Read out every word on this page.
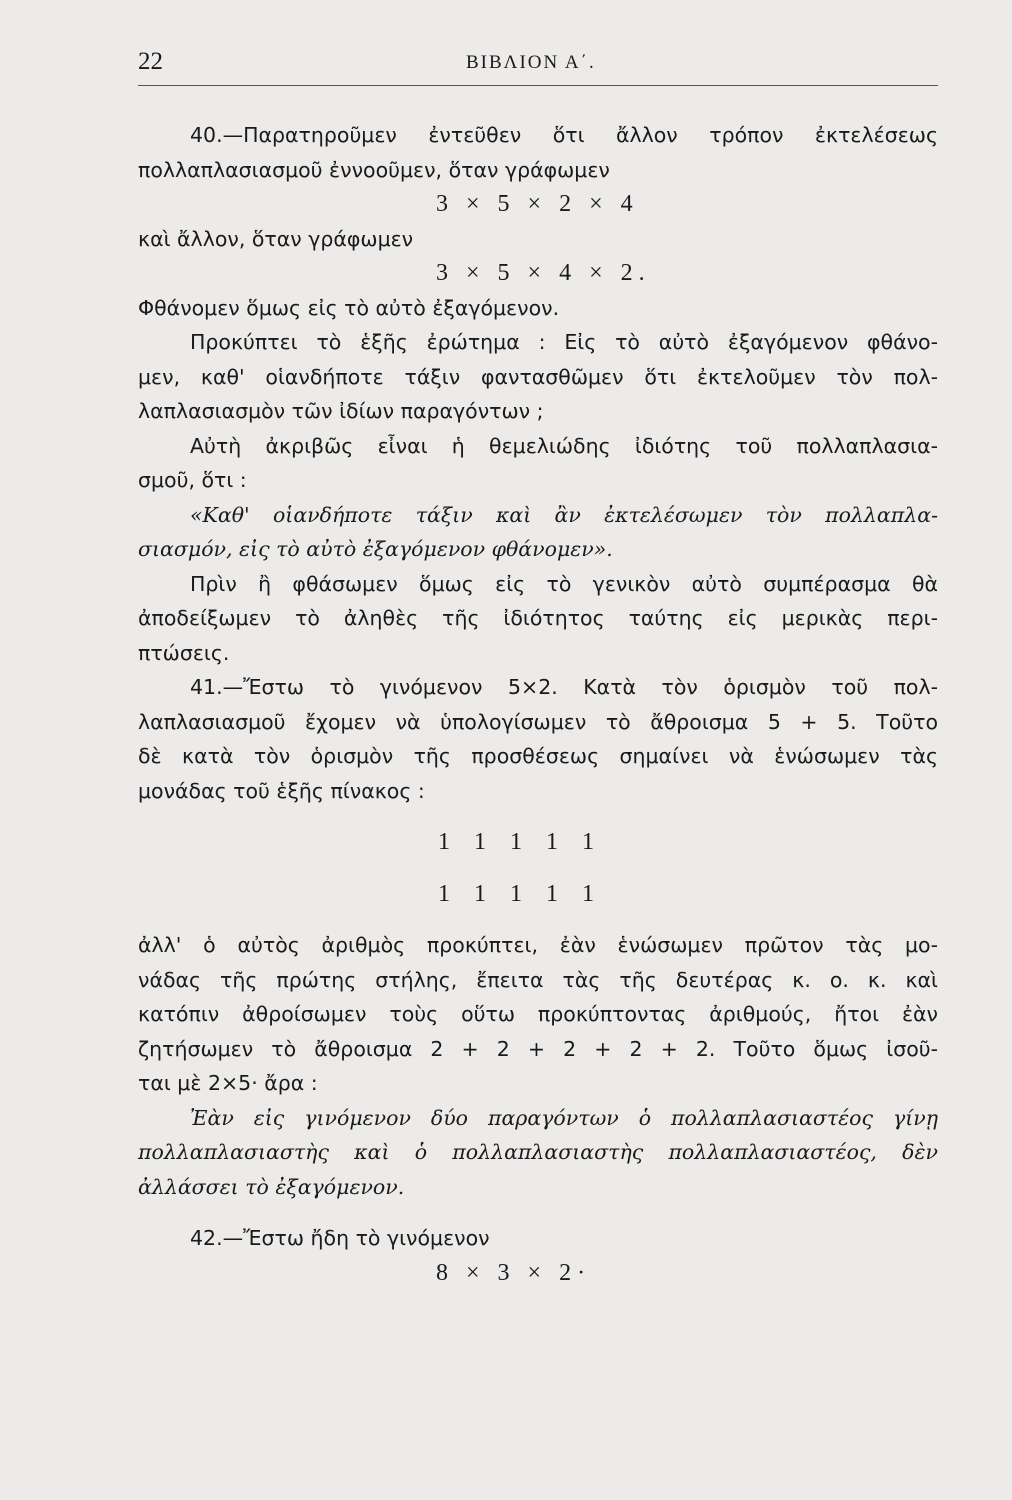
22	ΒΙΒΛΙΟΝ Α΄.
40.—Παρατηροῦμεν ἐντεῦθεν ὅτι ἄλλον τρόπον ἐκτελέσεως
πολλαπλασιασμοῦ ἐννοοῦμεν, ὅταν γράφωμεν
3 × 5 × 2 × 4
καὶ ἄλλον, ὅταν γράφωμεν
3 × 5 × 4 × 2.
Φθάνομεν ὅμως εἰς τὸ αὐτὸ ἐξαγόμενον.
Προκύπτει τὸ ἑξῆς ἐρώτημα : Εἰς τὸ αὐτὸ ἐξαγόμενον φθάνο-
μεν, καθ' οἱανδήποτε τάξιν φαντασθῶμεν ὅτι ἐκτελοῦμεν τὸν πολ-
λαπλασιασμὸν τῶν ἰδίων παραγόντων ;
Αὐτὴ ἀκριβῶς εἶναι ἡ θεμελιώδης ἰδιότης τοῦ πολλαπλασια-
σμοῦ, ὅτι :
«Καθ' οἱανδήποτε τάξιν καὶ ἂν ἐκτελέσωμεν τὸν πολλαπλα-
σιασμόν, εἰς τὸ αὐτὸ ἐξαγόμενον φθάνομεν».
Πρὶν ἢ φθάσωμεν ὅμως εἰς τὸ γενικὸν αὐτὸ συμπέρασμα θὰ
ἀποδείξωμεν τὸ ἀληθὲς τῆς ἰδιότητος ταύτης εἰς μερικὰς περι-
πτώσεις.
41.—Ἔστω τὸ γινόμενον 5×2. Κατὰ τὸν ὁρισμὸν τοῦ πολ-
λαπλασιασμοῦ ἔχομεν νὰ ὑπολογίσωμεν τὸ ἄθροισμα 5 + 5. Τοῦτο
δὲ κατὰ τὸν ὁρισμὸν τῆς προσθέσεως σημαίνει νὰ ἑνώσωμεν τὰς
μονάδας τοῦ ἑξῆς πίνακος :
1 1 1 1 1
1 1 1 1 1
ἀλλ' ὁ αὐτὸς ἀριθμὸς προκύπτει, ἐὰν ἑνώσωμεν πρῶτον τὰς μο-
νάδας τῆς πρώτης στήλης, ἔπειτα τὰς τῆς δευτέρας κ. ο. κ. καὶ
κατόπιν ἀθροίσωμεν τοὺς οὕτω προκύπτοντας ἀριθμούς, ἤτοι ἐὰν
ζητήσωμεν τὸ ἄθροισμα 2 + 2 + 2 + 2 + 2. Τοῦτο ὅμως ἰσοῦ-
ται μὲ 2×5· ἄρα :
Ἐὰν εἰς γινόμενον δύο παραγόντων ὁ πολλαπλασιαστέος γίνῃ
πολλαπλασιαστὴς καὶ ὁ πολλαπλασιαστὴς πολλαπλασιαστέος, δὲν
ἀλλάσσει τὸ ἐξαγόμενον.
42.—Ἔστω ἤδη τὸ γινόμενον
8 × 3 × 2·
